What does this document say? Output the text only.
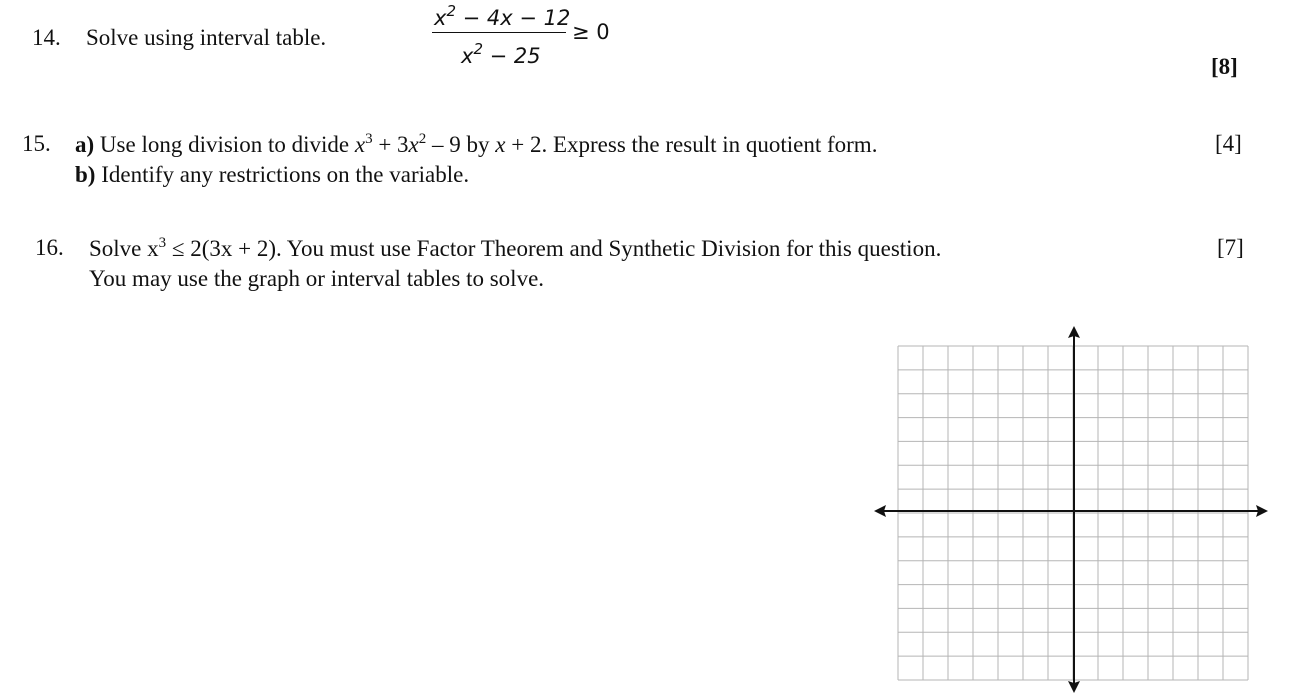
14. Solve using interval table.
$x^2 - 4x - 12$
$x^2 - 25$
≥ 0
[8]
15. a) Use long division to divide $x^3 + 3x^2 - 9$ by x + 2. Express the result in quotient form.	[4]
b) Identify any restrictions on the variable.
16. Solve $x^3 \le 2(3x + 2)$. You must use Factor Theorem and Synthetic Division for this question.	[7]
You may use the graph or interval tables to solve.
